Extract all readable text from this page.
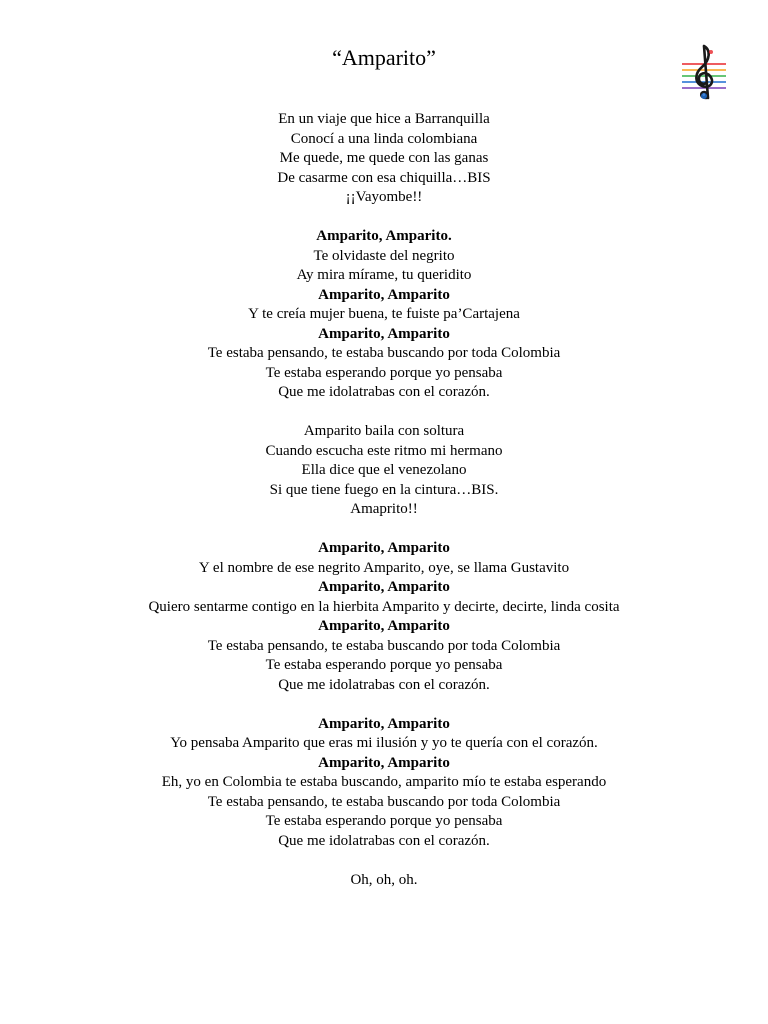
“Amparito”
En un viaje que hice a Barranquilla
Conocí a una linda colombiana
Me quede, me quede con las ganas
De casarme con esa chiquilla…BIS
¡¡Vayombe!!
Amparito, Amparito.
Te olvidaste del negrito
Ay mira mírame, tu queridito
Amparito, Amparito
Y te creía mujer buena, te fuiste pa’Cartajena
Amparito, Amparito
Te estaba pensando, te estaba buscando por toda Colombia
Te estaba esperando porque yo pensaba
Que me idolatrabas con el corazón.
Amparito baila con soltura
Cuando escucha este ritmo mi hermano
Ella dice que el venezolano
Si que tiene fuego en la cintura…BIS.
Amaprito!!
Amparito, Amparito
Y el nombre de ese negrito Amparito, oye, se llama Gustavito
Amparito, Amparito
Quiero sentarme contigo en la hierbita Amparito y decirte, decirte, linda cosita
Amparito, Amparito
Te estaba pensando, te estaba buscando por toda Colombia
Te estaba esperando porque yo pensaba
Que me idolatrabas con el corazón.
Amparito, Amparito
Yo pensaba Amparito que eras mi ilusión y yo te quería con el corazón.
Amparito, Amparito
Eh, yo en Colombia te estaba buscando, amparito mío te estaba esperando
Te estaba pensando, te estaba buscando por toda Colombia
Te estaba esperando porque yo pensaba
Que me idolatrabas con el corazón.
Oh, oh, oh.
